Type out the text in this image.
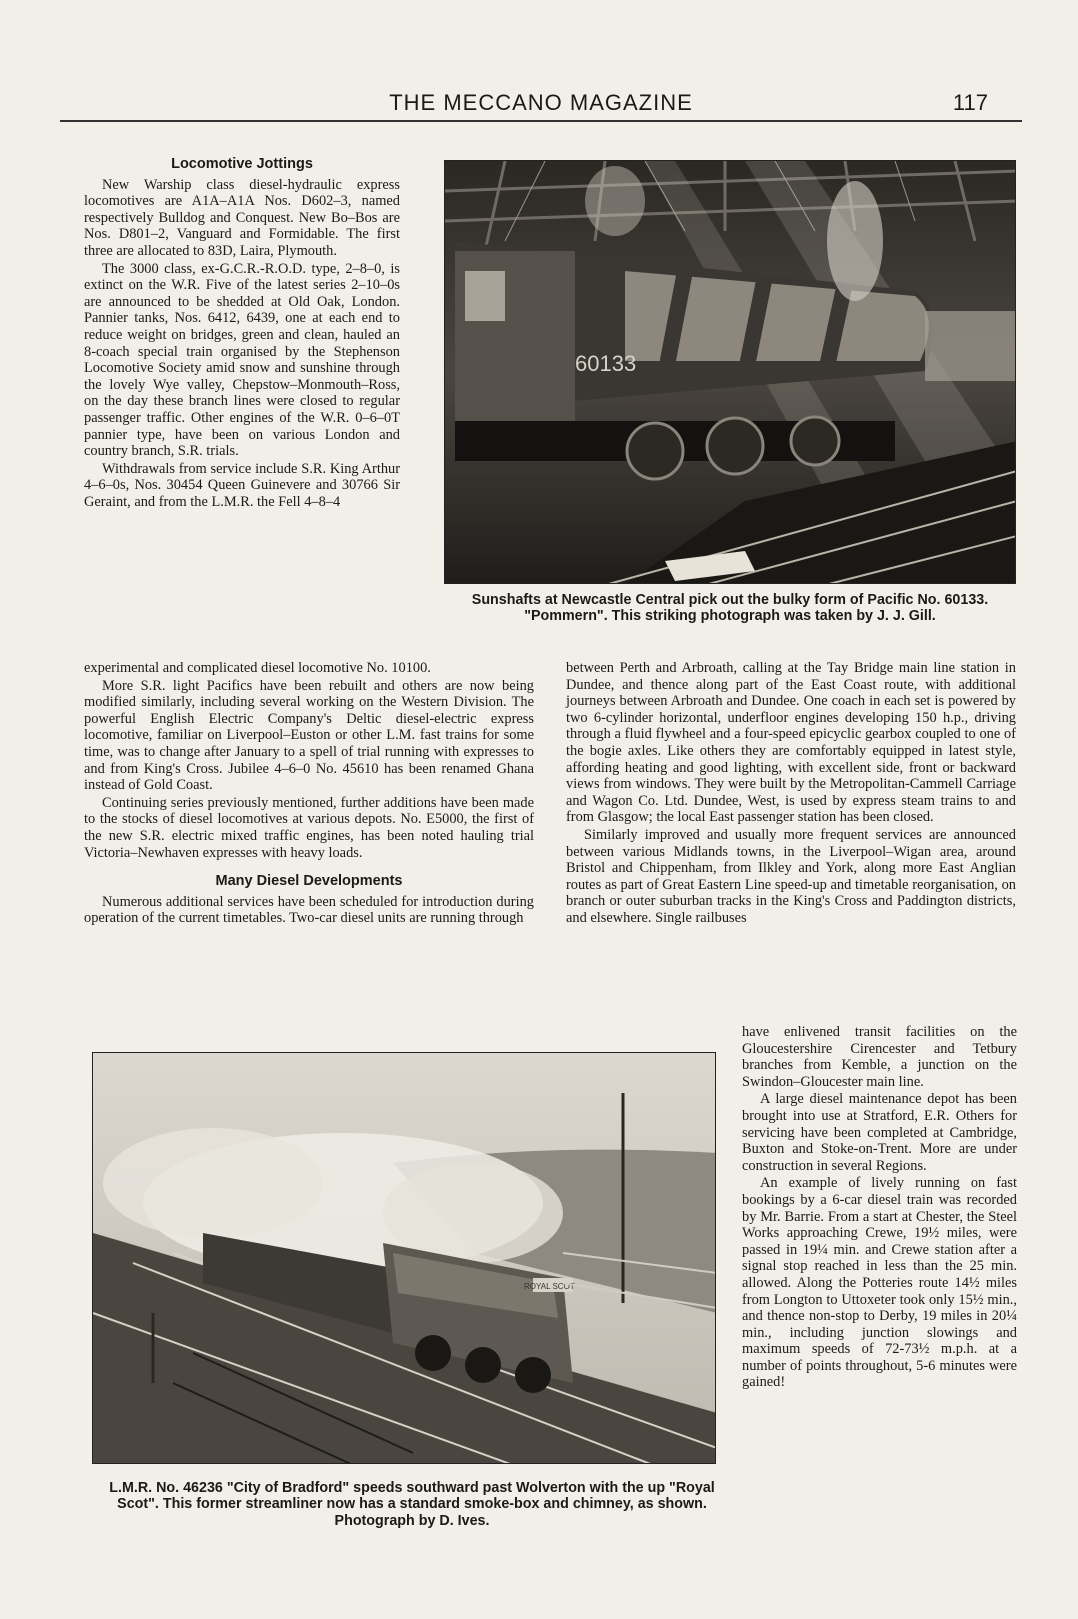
THE MECCANO MAGAZINE	117
Locomotive Jottings

New Warship class diesel-hydraulic express locomotives are A1A–A1A Nos. D602–3, named respectively Bulldog and Conquest. New Bo–Bos are Nos. D801–2, Vanguard and Formidable. The first three are allocated to 83D, Laira, Plymouth.

The 3000 class, ex-G.C.R.-R.O.D. type, 2–8–0, is extinct on the W.R. Five of the latest series 2–10–0s are announced to be shedded at Old Oak, London. Pannier tanks, Nos. 6412, 6439, one at each end to reduce weight on bridges, green and clean, hauled an 8-coach special train organised by the Stephenson Locomotive Society amid snow and sunshine through the lovely Wye valley, Chepstow–Monmouth–Ross, on the day these branch lines were closed to regular passenger traffic. Other engines of the W.R. 0–6–0T pannier type, have been on various London and country branch, S.R. trials.

Withdrawals from service include S.R. King Arthur 4–6–0s, Nos. 30454 Queen Guinevere and 30766 Sir Geraint, and from the L.M.R. the Fell 4–8–4

60133
Sunshafts at Newcastle Central pick out the bulky form of Pacific No. 60133. "Pommern". This striking photograph was taken by J. J. Gill.

experimental and complicated diesel locomotive No. 10100.

More S.R. light Pacifics have been rebuilt and others are now being modified similarly, including several working on the Western Division. The powerful English Electric Company's Deltic diesel-electric express locomotive, familiar on Liverpool–Euston or other L.M. fast trains for some time, was to change after January to a spell of trial running with expresses to and from King's Cross. Jubilee 4–6–0 No. 45610 has been renamed Ghana instead of Gold Coast.

Continuing series previously mentioned, further additions have been made to the stocks of diesel locomotives at various depots. No. E5000, the first of the new S.R. electric mixed traffic engines, has been noted hauling trial Victoria–Newhaven expresses with heavy loads.

Many Diesel Developments

Numerous additional services have been scheduled for introduction during operation of the current timetables. Two-car diesel units are running through

between Perth and Arbroath, calling at the Tay Bridge main line station in Dundee, and thence along part of the East Coast route, with additional journeys between Arbroath and Dundee. One coach in each set is powered by two 6-cylinder horizontal, underfloor engines developing 150 h.p., driving through a fluid flywheel and a four-speed epicyclic gearbox coupled to one of the bogie axles. Like others they are comfortably equipped in latest style, affording heating and good lighting, with excellent side, front or backward views from windows. They were built by the Metropolitan-Cammell Carriage and Wagon Co. Ltd. Dundee, West, is used by express steam trains to and from Glasgow; the local East passenger station has been closed.

Similarly improved and usually more frequent services are announced between various Midlands towns, in the Liverpool–Wigan area, around Bristol and Chippenham, from Ilkley and York, along more East Anglian routes as part of Great Eastern Line speed-up and timetable reorganisation, on branch or outer suburban tracks in the King's Cross and Paddington districts, and elsewhere. Single railbuses

ROYAL SCOT
L.M.R. No. 46236 "City of Bradford" speeds southward past Wolverton with the up "Royal Scot". This former streamliner now has a standard smoke-box and chimney, as shown. Photograph by D. Ives.

have enlivened transit facilities on the Gloucestershire Cirencester and Tetbury branches from Kemble, a junction on the Swindon–Gloucester main line.

A large diesel maintenance depot has been brought into use at Stratford, E.R. Others for servicing have been completed at Cambridge, Buxton and Stoke-on-Trent. More are under construction in several Regions.

An example of lively running on fast bookings by a 6-car diesel train was recorded by Mr. Barrie. From a start at Chester, the Steel Works approaching Crewe, 19½ miles, were passed in 19¼ min. and Crewe station after a signal stop reached in less than the 25 min. allowed. Along the Potteries route 14½ miles from Longton to Uttoxeter took only 15½ min., and thence non-stop to Derby, 19 miles in 20¼ min., including junction slowings and maximum speeds of 72-73½ m.p.h. at a number of points throughout, 5-6 minutes were gained!
